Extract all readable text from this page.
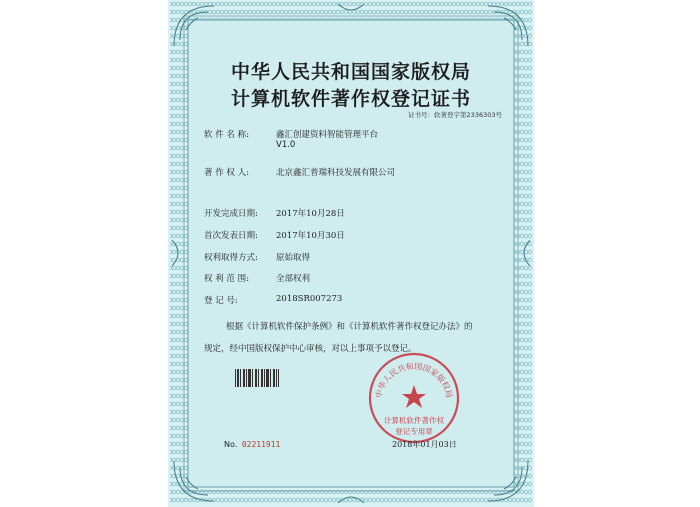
中华人民共和国国家版权局
计算机软件著作权登记证书
证书号：软著登字第2336303号
软 件 名 称:	鑫汇创建资料智能管理平台
V1.0
著 作 权 人:	北京鑫汇普瑞科技发展有限公司
开发完成日期: 2017年10月28日
首次发表日期: 2017年10月30日
权利取得方式: 原始取得
权 利 范 围:	全部权利
登 记 号:	2018SR007273
根据《计算机软件保护条例》和《计算机软件著作权登记办法》的
规定，经中国版权保护中心审核，对以上事项予以登记。
中华人民共和国国家版权局
计算机软件著作权
登记专用章
No. 02211911	2018年01月03日
